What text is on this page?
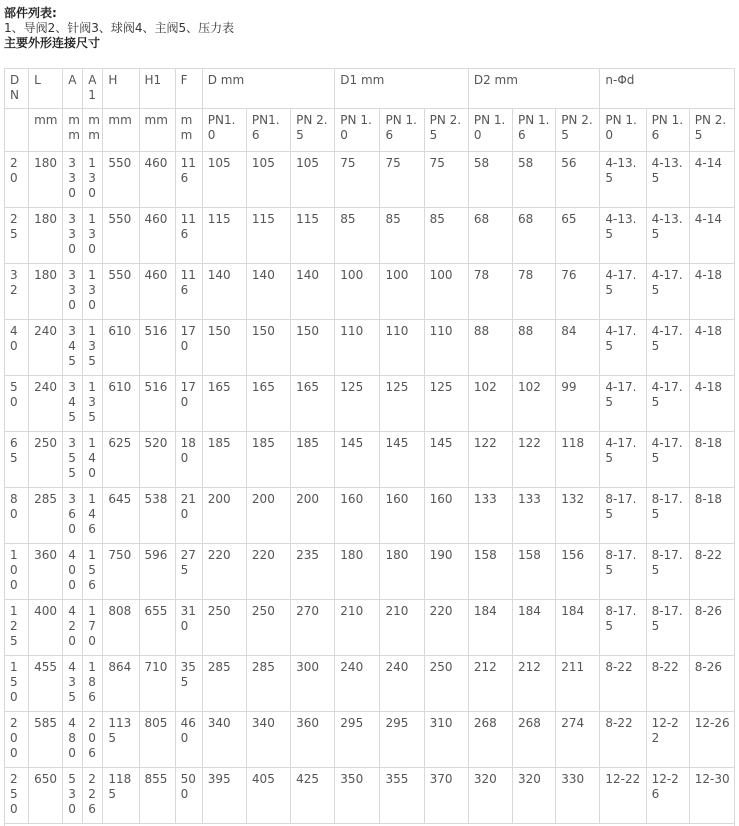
部件列表:
1、导阀2、针阀3、球阀4、主阀5、压力表
主要外形连接尺寸
DN	L	A	A1	H	H1	F	D mm			D1 mm			D2 mm			n-Φd		
	mm	mm	mm	mm	mm	mm	PN1.0	PN1.6	PN 2.5	PN 1.0	PN 1.6	PN 2.5	PN 1.0	PN 1.6	PN 2.5	PN 1.0	PN 1.6	PN 2.5
20	180	330	130	550	460	116	105	105	105	75	75	75	58	58	56	4-13.5	4-13.5	4-14
25	180	330	130	550	460	116	115	115	115	85	85	85	68	68	65	4-13.5	4-13.5	4-14
32	180	330	130	550	460	116	140	140	140	100	100	100	78	78	76	4-17.5	4-17.5	4-18
40	240	345	135	610	516	170	150	150	150	110	110	110	88	88	84	4-17.5	4-17.5	4-18
50	240	345	135	610	516	170	165	165	165	125	125	125	102	102	99	4-17.5	4-17.5	4-18
65	250	355	140	625	520	180	185	185	185	145	145	145	122	122	118	4-17.5	4-17.5	8-18
80	285	360	146	645	538	210	200	200	200	160	160	160	133	133	132	8-17.5	8-17.5	8-18
100	360	400	156	750	596	275	220	220	235	180	180	190	158	158	156	8-17.5	8-17.5	8-22
125	400	420	170	808	655	310	250	250	270	210	210	220	184	184	184	8-17.5	8-17.5	8-26
150	455	435	186	864	710	355	285	285	300	240	240	250	212	212	211	8-22	8-22	8-26
200	585	480	206	1135	805	460	340	340	360	295	295	310	268	268	274	8-22	12-22	12-26
250	650	530	226	1185	855	500	395	405	425	350	355	370	320	320	330	12-22	12-26	12-30
